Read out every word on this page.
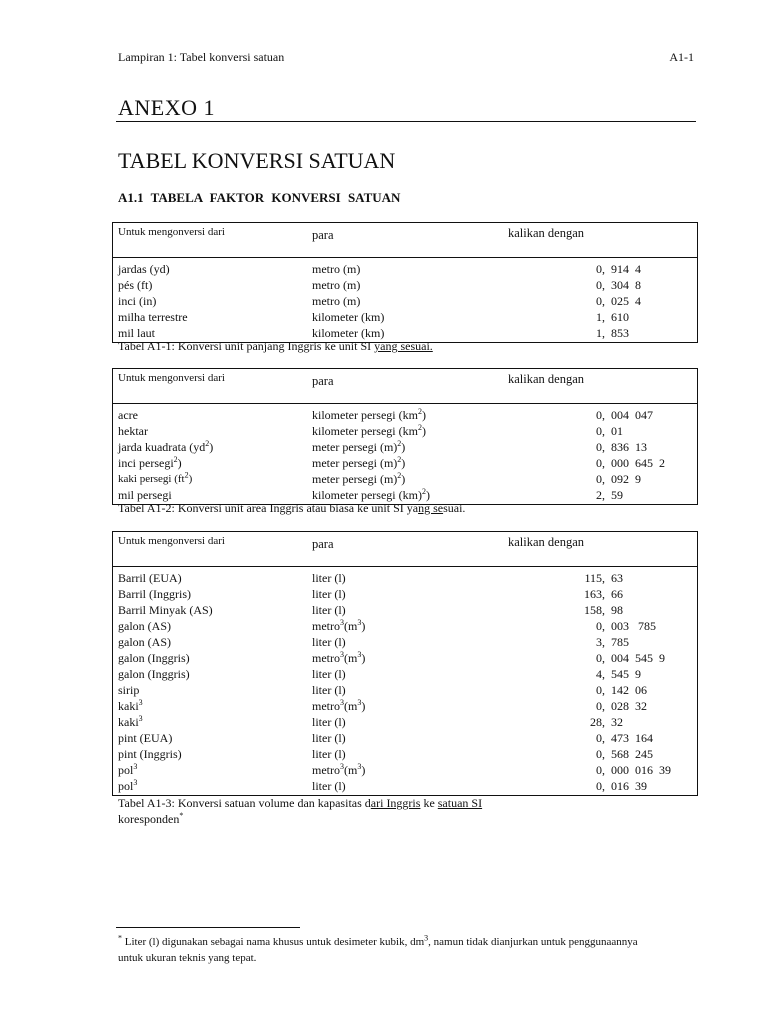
Lampiran 1: Tabel konversi satuan	A1-1
ANEXO 1
TABEL KONVERSI SATUAN
A1.1 TABELA FAKTOR KONVERSI SATUAN
Untuk mengonversi dari	para	kalikan dengan
jardas (yd)	metro (m)	0, 914  4
pés (ft)	metro (m)	0, 304  8
inci (in)	metro (m)	0, 025  4
milha terrestre	kilometer (km)	1, 610
mil laut	kilometer (km)	1, 853
Tabel A1-1: Konversi unit panjang Inggris ke unit SI yang sesuai.
Untuk mengonversi dari	para	kalikan dengan
acre	kilometer persegi $(km^2)$	0, 004  047
hektar	kilometer persegi $(km^2)$	0, 01
jarda kuadrata $(yd^2)$	meter persegi $(m)^2$)	0, 836  13
inci persegi$^2$)	meter persegi $(m)^2$)	0, 000  645  2
kaki persegi $(ft^2)$	meter persegi $(m)^2$)	0, 092  9
mil persegi	kilometer persegi (km)$^2$)	2, 59
Tabel A1-2: Konversi unit area Inggris atau biasa ke unit SI yang sesuai.
Untuk mengonversi dari	para	kalikan dengan
Barril (EUA)	liter (l)	115, 63
Barril (Inggris)	liter (l)	163, 66
Barril Minyak (AS)	liter (l)	158, 98
galon (AS)	$metro^3(m^3)$	0, 003   785
galon (AS)	liter (l)	3, 785
galon (Inggris)	$metro^3(m^3)$	0, 004  545  9
galon (Inggris)	liter (l)	4, 545  9
sirip	liter (l)	0, 142  06
kaki$^3$	$metro^3(m^3)$	0, 028  32
kaki$^3$	liter (l)	28, 32
pint (EUA)	liter (l)	0, 473  164
pint (Inggris)	liter (l)	0, 568  245
pol$^3$	$metro^3(m^3)$	0, 000  016  39
pol$^3$	liter (l)	0, 016  39
Tabel A1-3: Konversi satuan volume dan kapasitas dari Inggris ke satuan SI
koresponden*
* Liter (l) digunakan sebagai nama khusus untuk desimeter kubik, $dm^3$, namun tidak dianjurkan untuk penggunaannya untuk ukuran teknis yang tepat.
